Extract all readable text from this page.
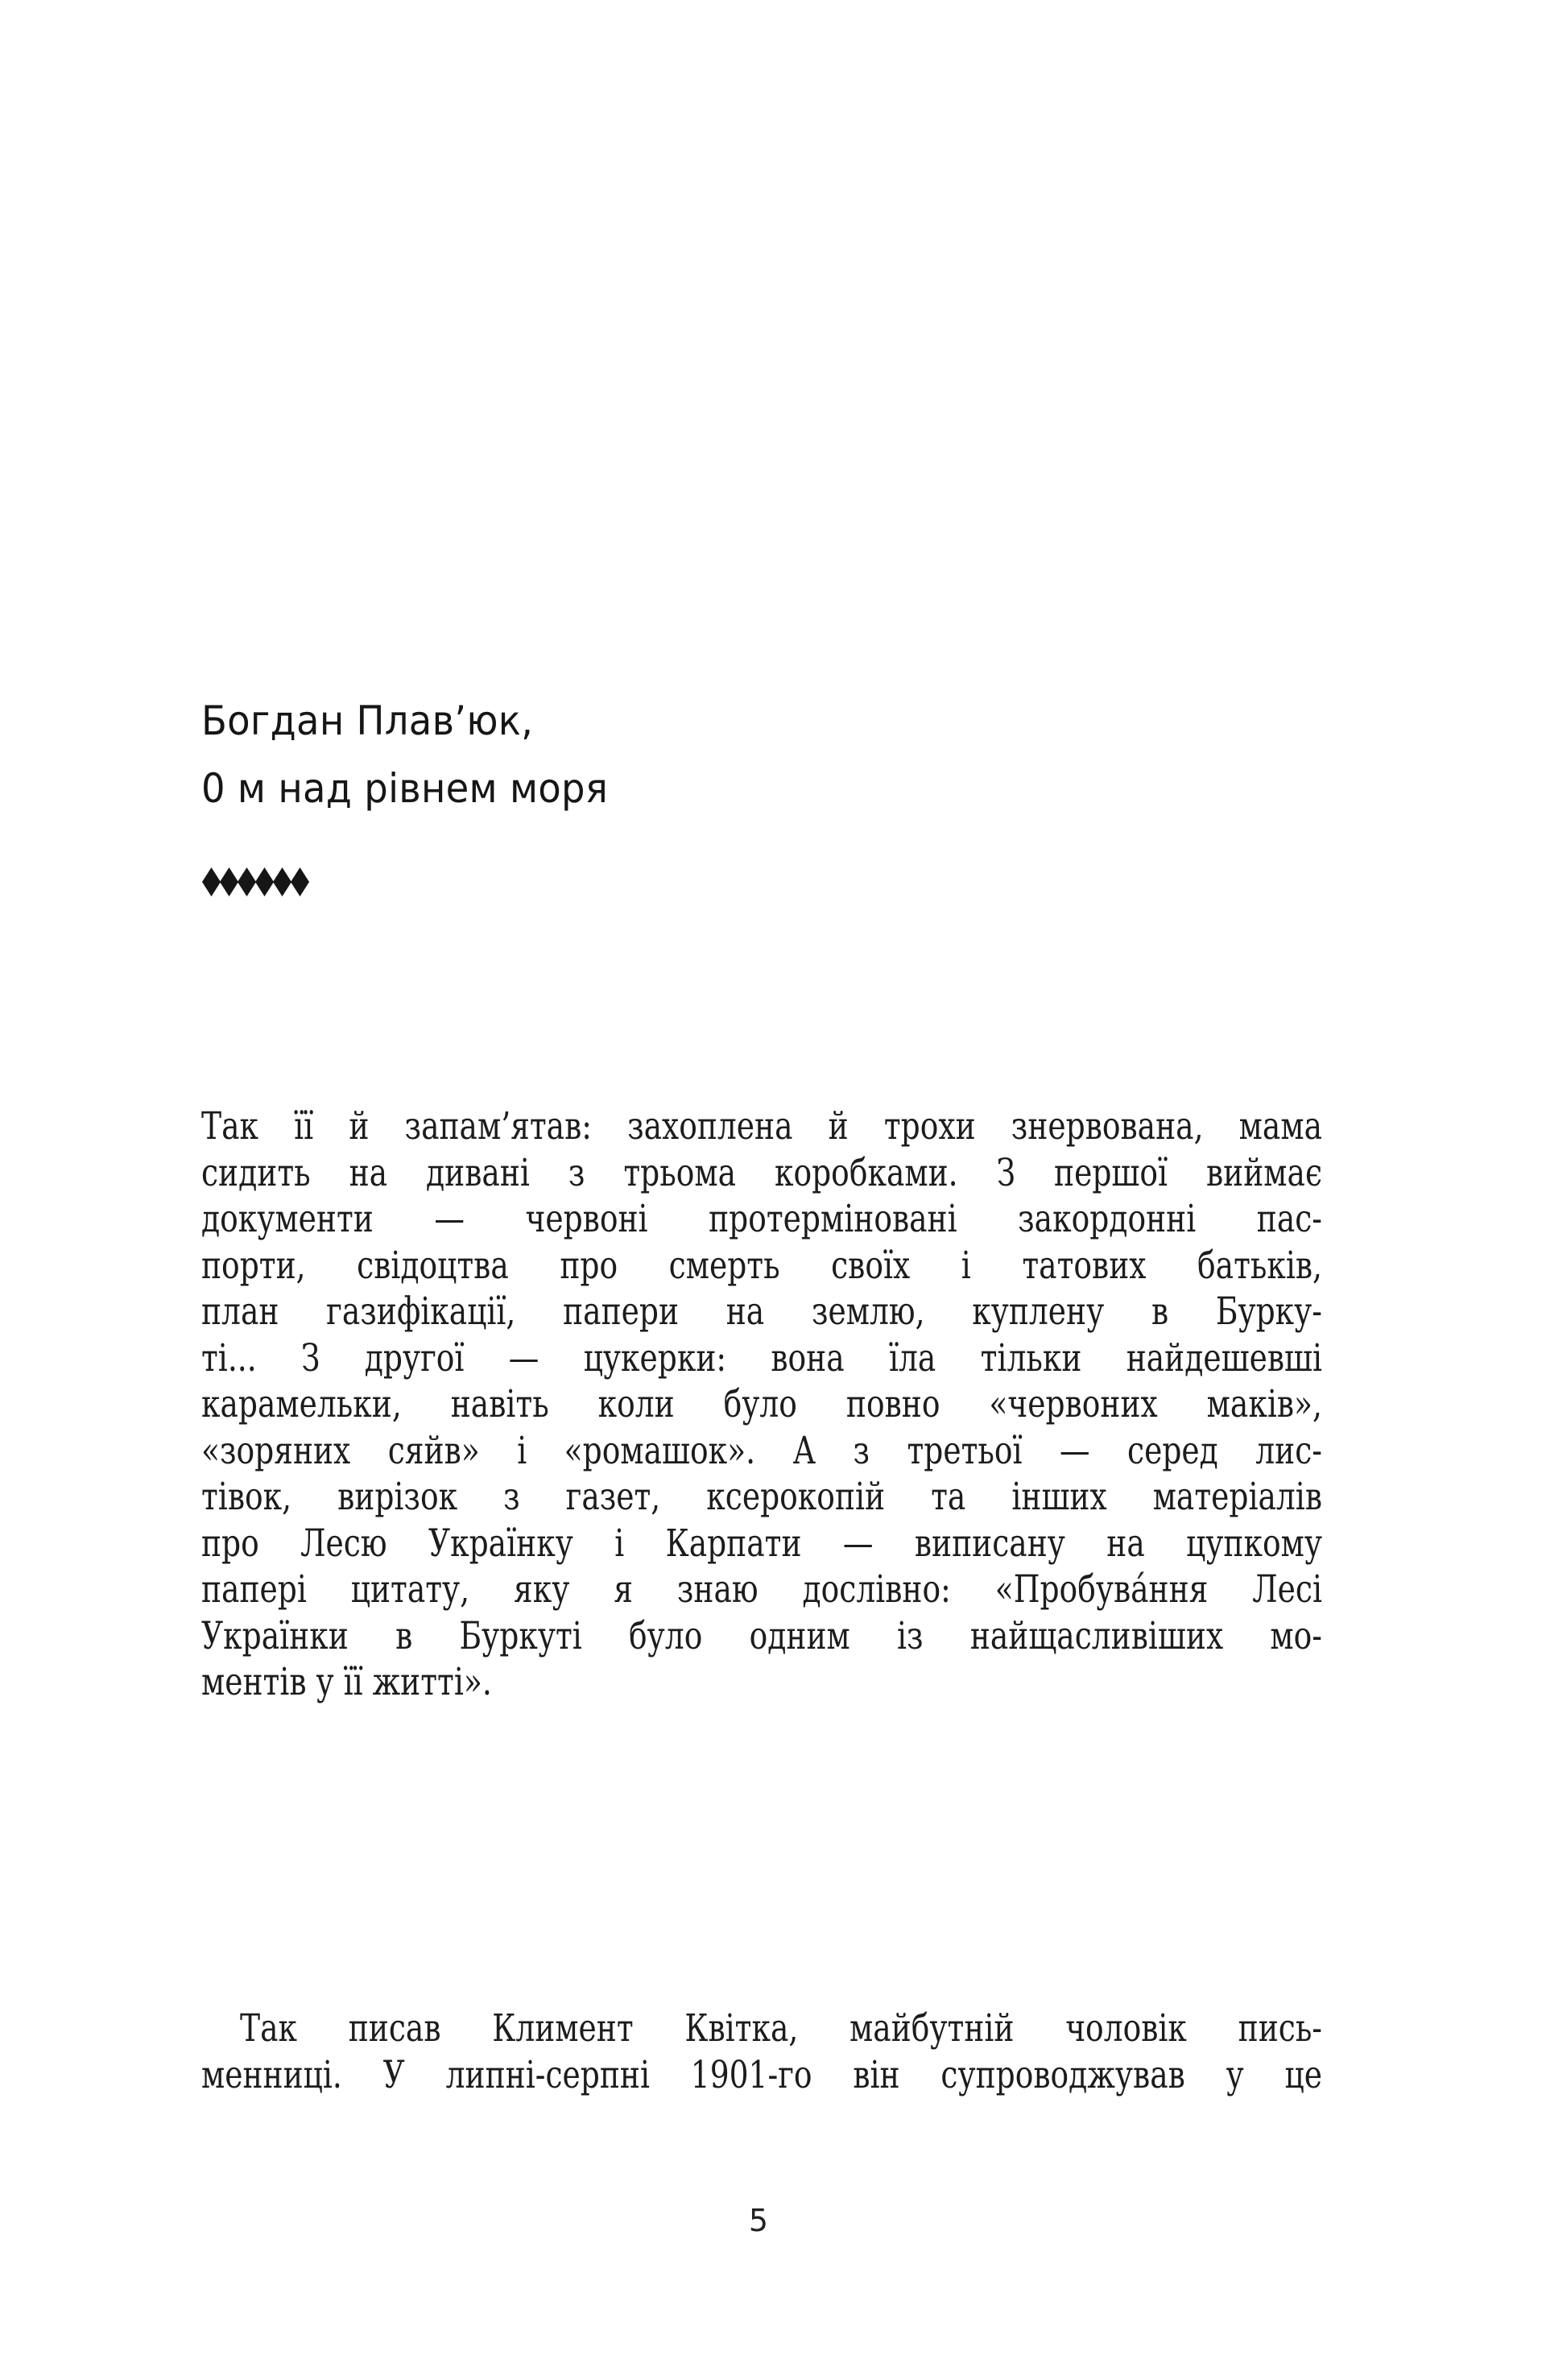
Богдан Плав’юк,
0 м над рівнем моря
Так її й запам’ятав: захоплена й трохи знервована, мама
сидить на дивані з трьома коробками. З першої виймає
документи — червоні протерміновані закордонні пас-
порти, свідоцтва про смерть своїх і татових батьків,
план газифікації, папери на землю, куплену в Бурку-
ті... З другої — цукерки: вона їла тільки найдешевші
карамельки, навіть коли було повно «червоних маків»,
«зоряних сяйв» і «ромашок». А з третьої — серед лис-
тівок, вирізок з газет, ксерокопій та інших матеріалів
про Лесю Українку і Карпати — виписану на цупкому
папері цитату, яку я знаю дослівно: «Пробува́ння Лесі
Українки в Буркуті було одним із найщасливіших мо-
ментів у її житті».
Так писав Климент Квітка, майбутній чоловік пись-
менниці. У липні-серпні 1901-го він супроводжував у це
5
